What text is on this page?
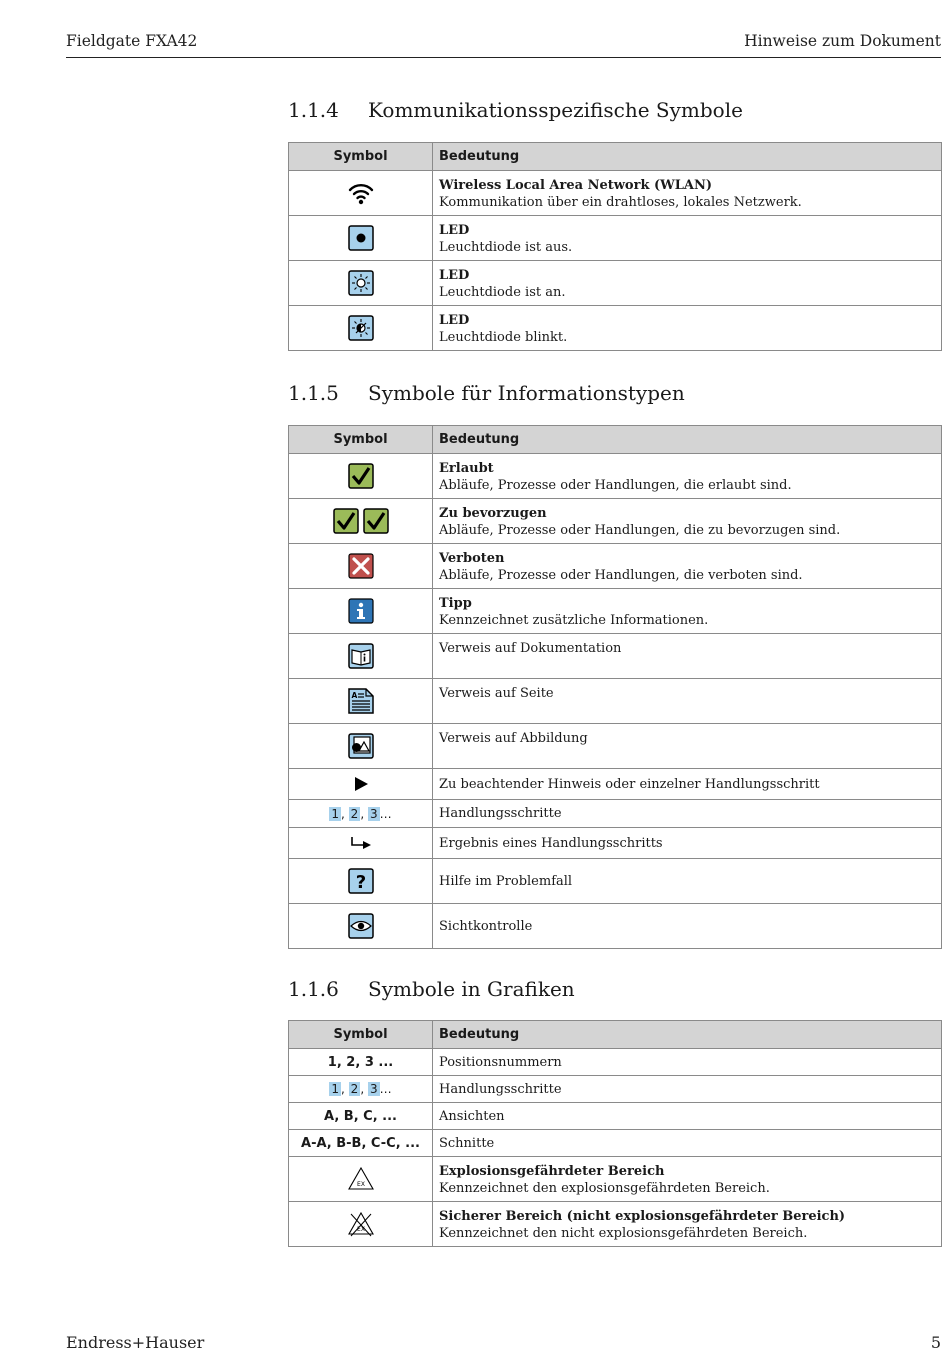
Fieldgate FXA42	Hinweise zum Dokument
1.1.4 Kommunikationsspezifische Symbole
Symbol	Bedeutung

Wireless Local Area Network (WLAN)
Kommunikation über ein drahtloses, lokales Netzwerk.

LED
Leuchtdiode ist aus.

LED
Leuchtdiode ist an.

LED
Leuchtdiode blinkt.
1.1.5 Symbole für Informationstypen
Symbol	Bedeutung

Erlaubt
Abläufe, Prozesse oder Handlungen, die erlaubt sind.

Zu bevorzugen
Abläufe, Prozesse oder Handlungen, die zu bevorzugen sind.

Verboten
Abläufe, Prozesse oder Handlungen, die verboten sind.

Tipp
Kennzeichnet zusätzliche Informationen.

Verweis auf Dokumentation

A	Verweis auf Seite

Verweis auf Abbildung

Zu beachtender Hinweis oder einzelner Handlungsschritt

1 , 2 , 3 …	Handlungsschritte

Ergebnis eines Handlungsschritts

?	Hilfe im Problemfall

Sichtkontrolle
1.1.6 Symbole in Grafiken
Symbol	Bedeutung
1, 2, 3 ...	Positionsnummern

1 , 2 , 3 …	Handlungsschritte

A, B, C, ...	Ansichten

A-A, B-B, C-C, ...	Schnitte

EX	Explosionsgefährdeter Bereich
Kennzeichnet den explosionsgefährdeten Bereich.

EX	Sicherer Bereich (nicht explosionsgefährdeter Bereich)
Kennzeichnet den nicht explosionsgefährdeten Bereich.
Endress+Hauser	5
